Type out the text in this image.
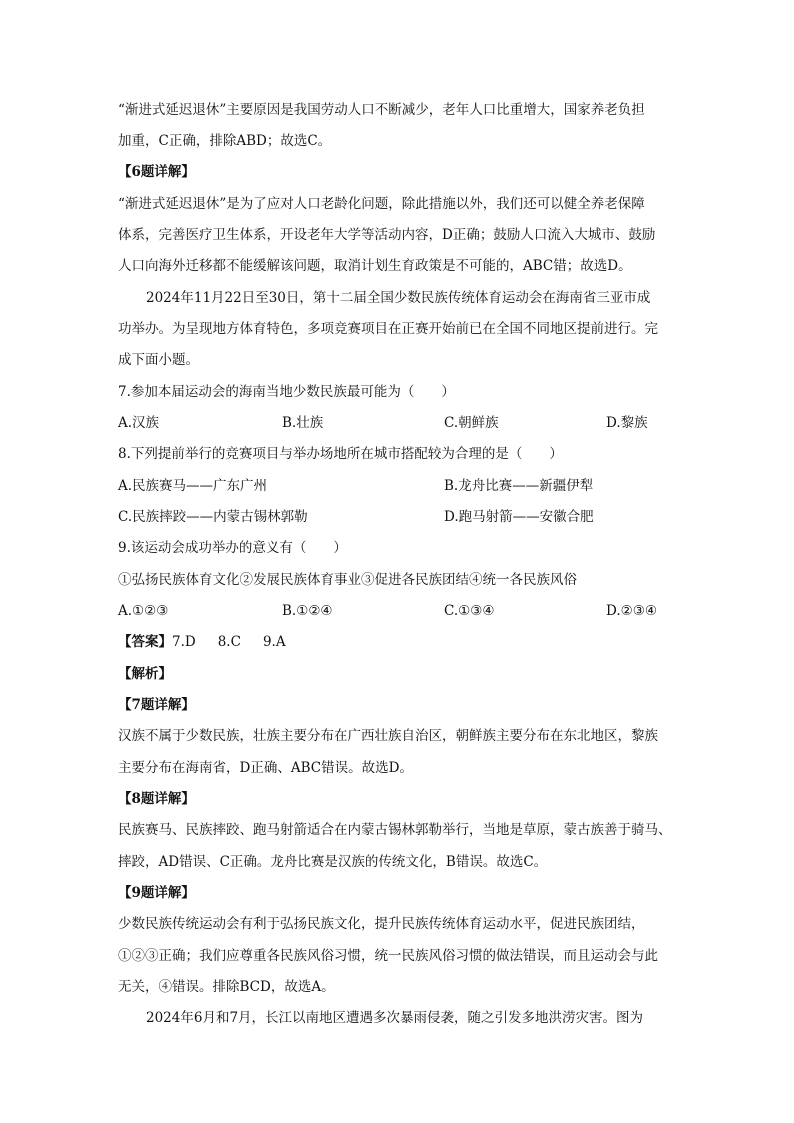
“渐进式延迟退休”主要原因是我国劳动人口不断减少，老年人口比重增大，国家养老负担
加重，C正确，排除ABD；故选C。
【6题详解】
“渐进式延迟退休”是为了应对人口老龄化问题，除此措施以外，我们还可以健全养老保障
体系，完善医疗卫生体系，开设老年大学等活动内容，D正确；鼓励人口流入大城市、鼓励
人口向海外迁移都不能缓解该问题，取消计划生育政策是不可能的，ABC错；故选D。
2024年11月22日至30日，第十二届全国少数民族传统体育运动会在海南省三亚市成
功举办。为呈现地方体育特色，多项竞赛项目在正赛开始前已在全国不同地区提前进行。完
成下面小题。
7.参加本届运动会的海南当地少数民族最可能为（　　）
A.汉族	B.壮族	C.朝鲜族	D.黎族
8.下列提前举行的竞赛项目与举办场地所在城市搭配较为合理的是（　　）
A.民族赛马——广东广州	B.龙舟比赛——新疆伊犁
C.民族摔跤——内蒙古锡林郭勒	D.跑马射箭——安徽合肥
9.该运动会成功举办的意义有（　　）
①弘扬民族体育文化②发展民族体育事业③促进各民族团结④统一各民族风俗
A.①②③	B.①②④	C.①③④	D.②③④
【答案】7.D 8.C 9.A
【解析】
【7题详解】
汉族不属于少数民族，壮族主要分布在广西壮族自治区，朝鲜族主要分布在东北地区，黎族
主要分布在海南省，D正确、ABC错误。故选D。
【8题详解】
民族赛马、民族摔跤、跑马射箭适合在内蒙古锡林郭勒举行，当地是草原，蒙古族善于骑马、
摔跤，AD错误、C正确。龙舟比赛是汉族的传统文化，B错误。故选C。
【9题详解】
少数民族传统运动会有利于弘扬民族文化，提升民族传统体育运动水平，促进民族团结，
①②③正确；我们应尊重各民族风俗习惯，统一民族风俗习惯的做法错误，而且运动会与此
无关，④错误。排除BCD，故选A。
2024年6月和7月，长江以南地区遭遇多次暴雨侵袭，随之引发多地洪涝灾害。图为
